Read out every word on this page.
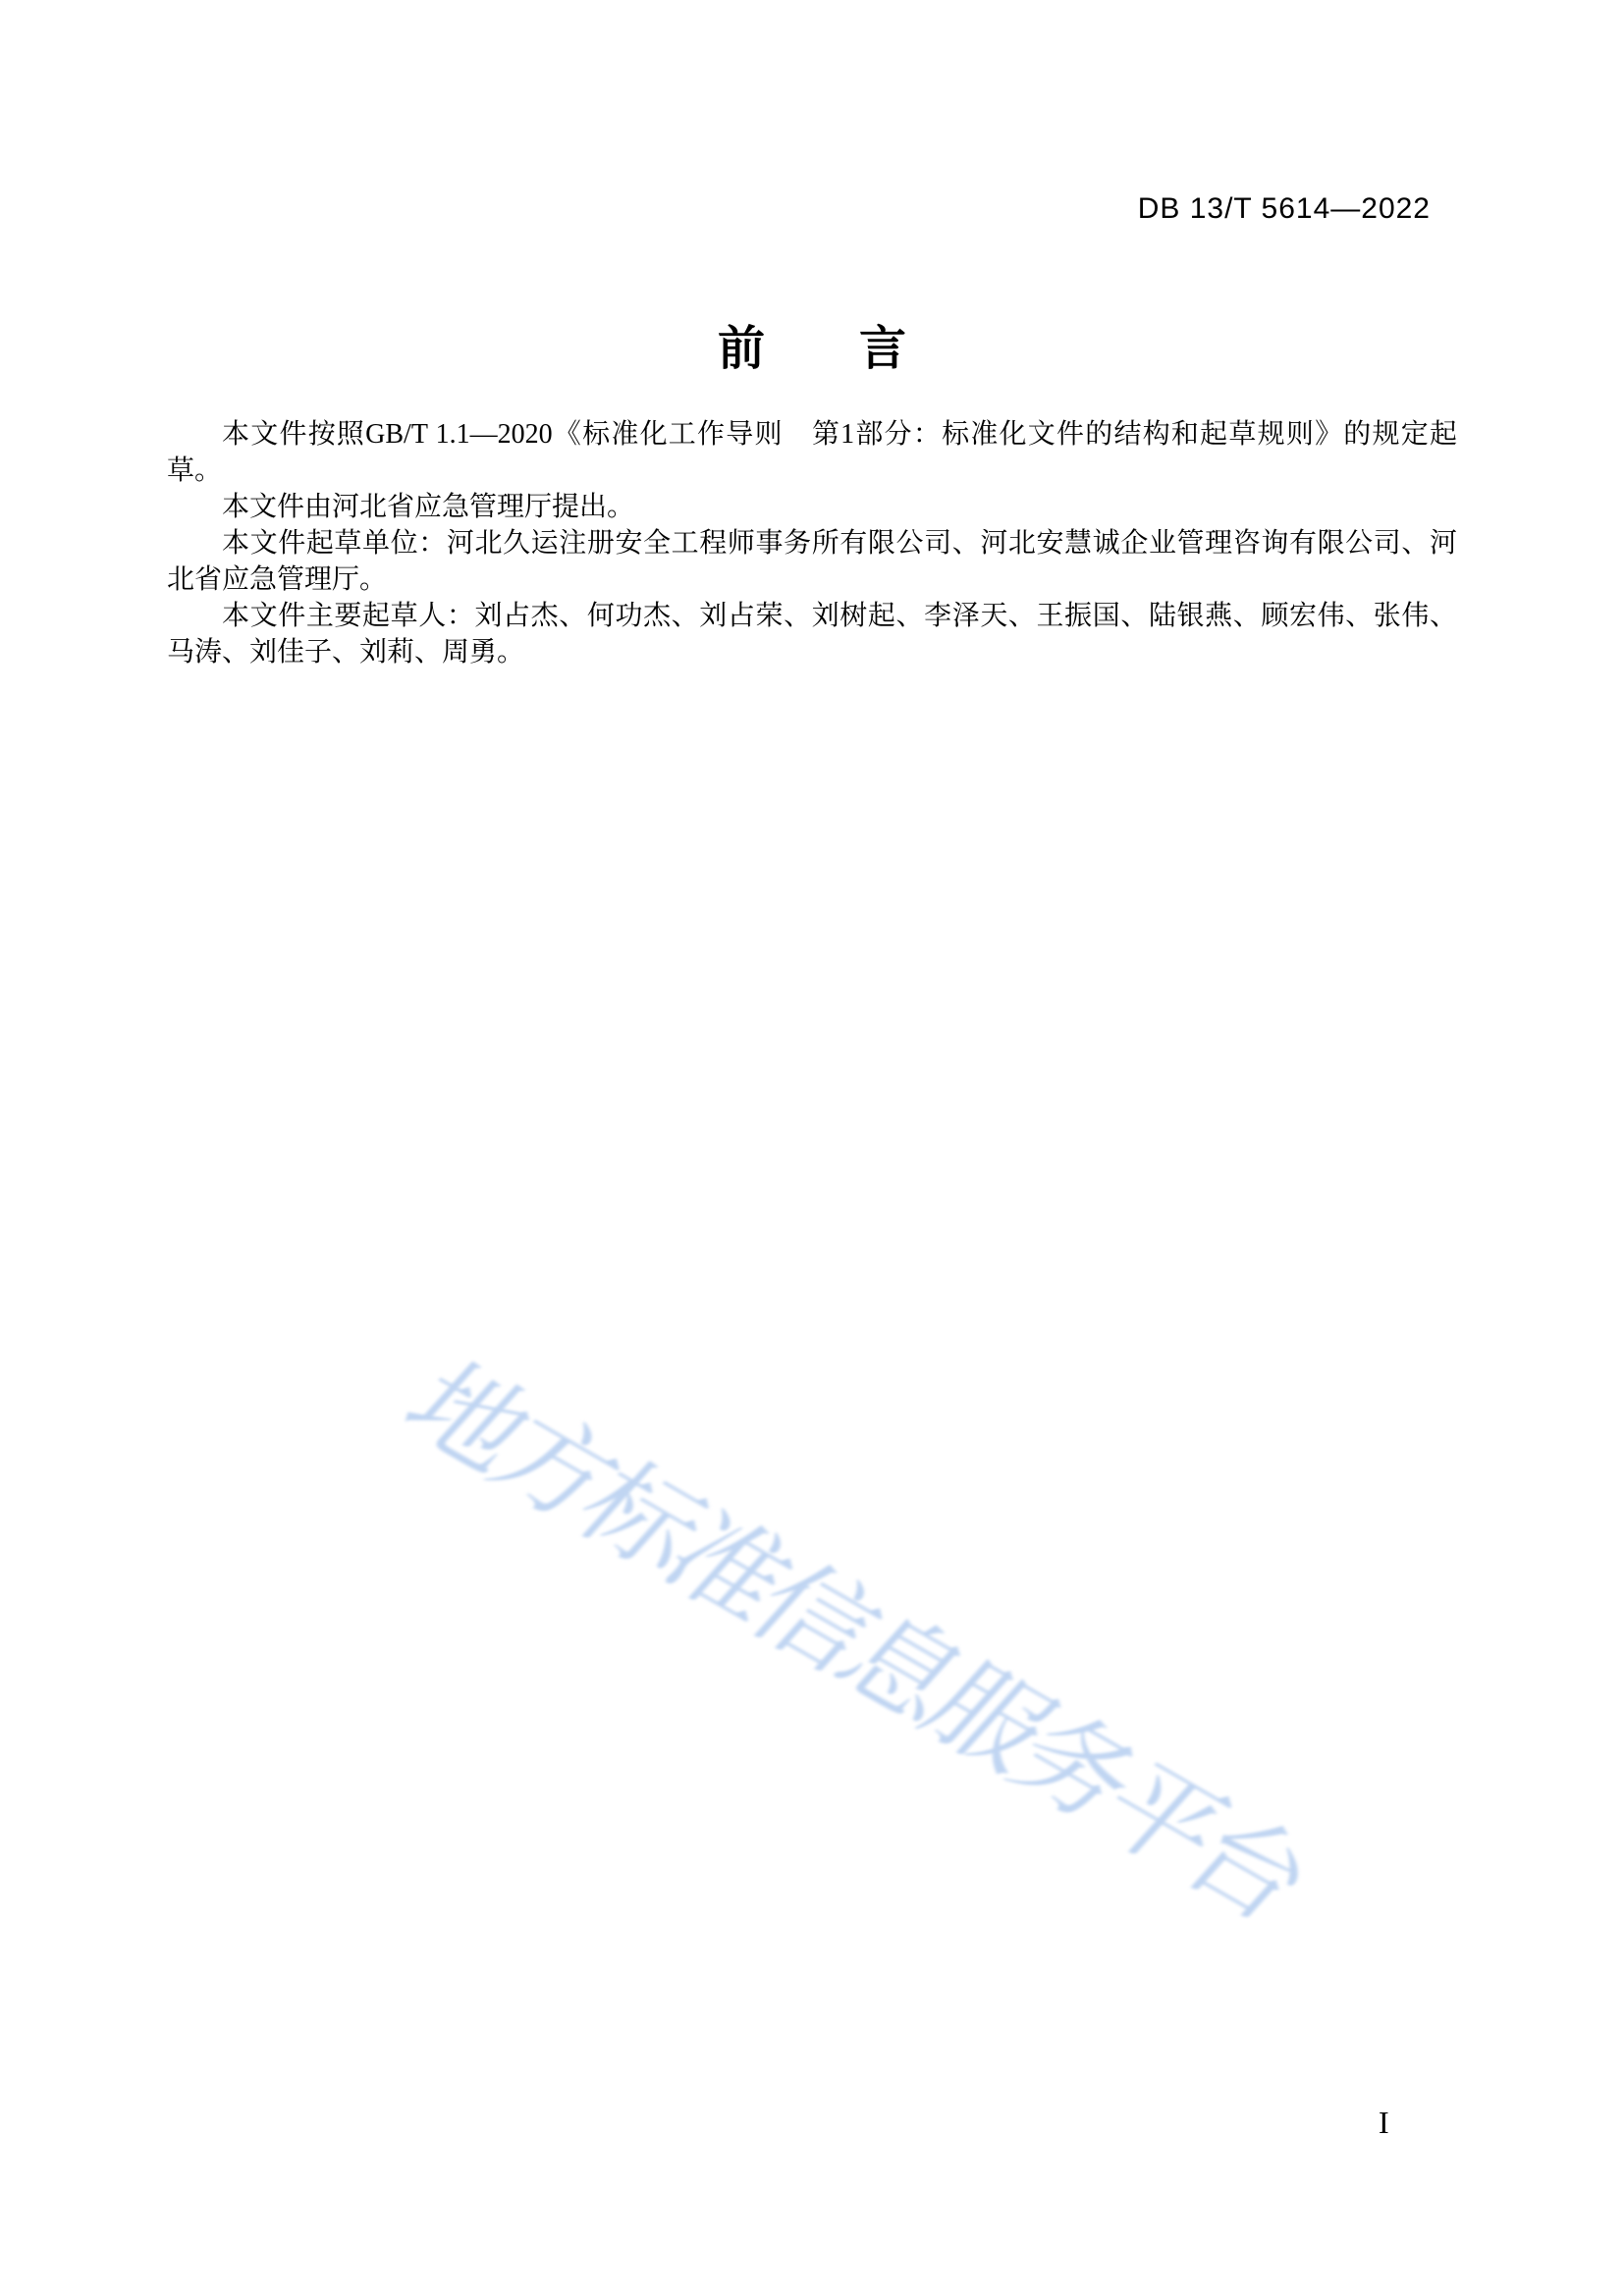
DB 13/T 5614—2022
前　　言

本文件按照GB/T 1.1—2020《标准化工作导则　第1部分：标准化文件的结构和起草规则》的规定起草。

本文件由河北省应急管理厅提出。

本文件起草单位：河北久运注册安全工程师事务所有限公司、河北安慧诚企业管理咨询有限公司、河北省应急管理厅。

本文件主要起草人：刘占杰、何功杰、刘占荣、刘树起、李泽天、王振国、陆银燕、顾宏伟、张伟、马涛、刘佳子、刘莉、周勇。

地方标准信息服务平台
I
